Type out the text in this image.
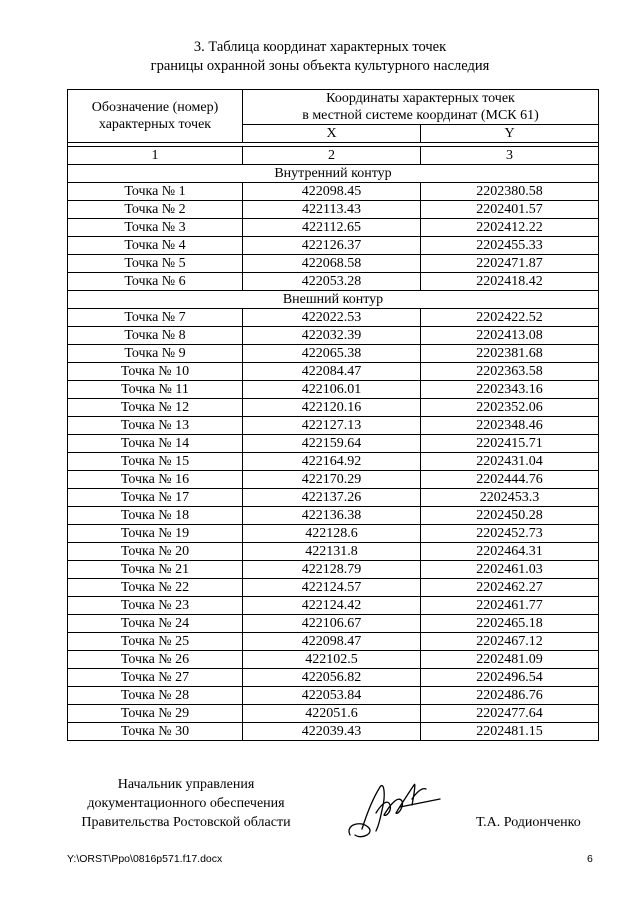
3. Таблица координат характерных точек
границы охранной зоны объекта культурного наследия
Обозначение (номер) характерных точек	Координаты характерных точек
в местной системе координат (МСК 61)	

	X	Y

1	2	3
Внутренний контур		
Точка № 1	422098.45	2202380.58
Точка № 2	422113.43	2202401.57
Точка № 3	422112.65	2202412.22
Точка № 4	422126.37	2202455.33
Точка № 5	422068.58	2202471.87
Точка № 6	422053.28	2202418.42
Внешний контур		
Точка № 7	422022.53	2202422.52
Точка № 8	422032.39	2202413.08
Точка № 9	422065.38	2202381.68
Точка № 10	422084.47	2202363.58
Точка № 11	422106.01	2202343.16
Точка № 12	422120.16	2202352.06
Точка № 13	422127.13	2202348.46
Точка № 14	422159.64	2202415.71
Точка № 15	422164.92	2202431.04
Точка № 16	422170.29	2202444.76
Точка № 17	422137.26	2202453.3
Точка № 18	422136.38	2202450.28
Точка № 19	422128.6	2202452.73
Точка № 20	422131.8	2202464.31
Точка № 21	422128.79	2202461.03
Точка № 22	422124.57	2202462.27
Точка № 23	422124.42	2202461.77
Точка № 24	422106.67	2202465.18
Точка № 25	422098.47	2202467.12
Точка № 26	422102.5	2202481.09
Точка № 27	422056.82	2202496.54
Точка № 28	422053.84	2202486.76
Точка № 29	422051.6	2202477.64
Точка № 30	422039.43	2202481.15
Начальник управления
документационного обеспечения
Правительства Ростовской области	Т.А. Родионченко
Y:\ORST\Ppo\0816p571.f17.docx	6
